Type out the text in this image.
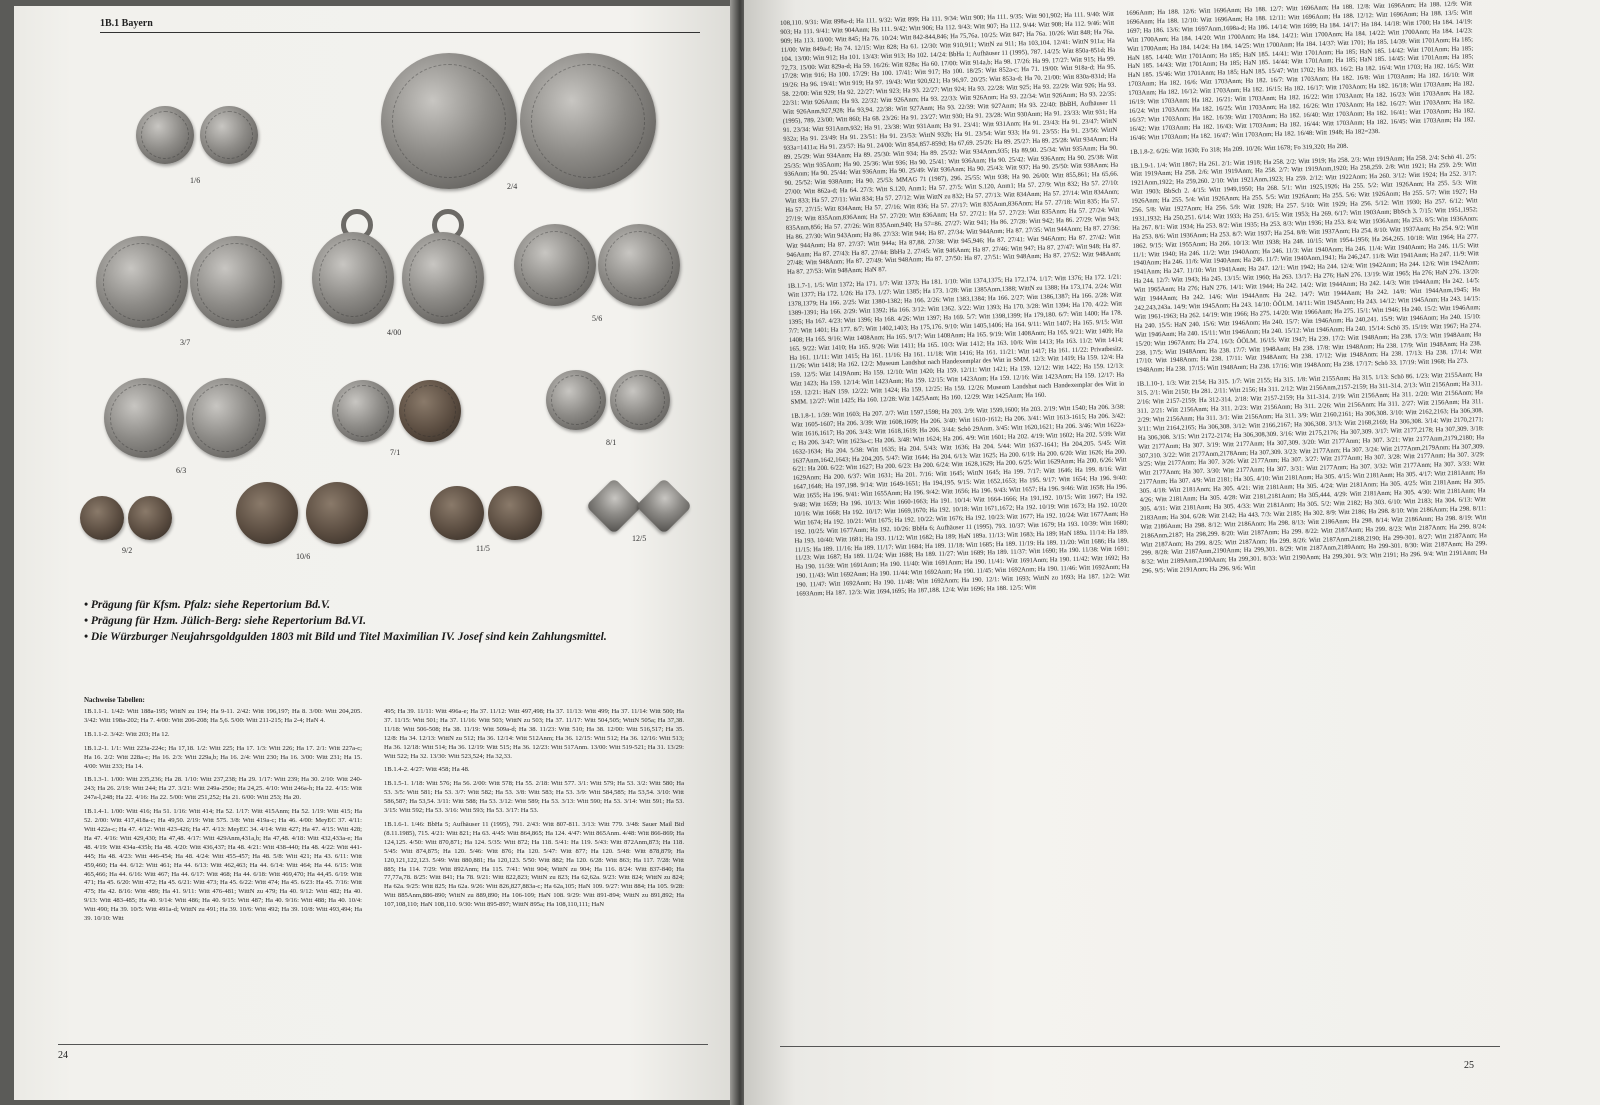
1B.1 Bayern
1/6
2/4
3/7
4/00
5/6
6/3
7/1
8/1
9/2
10/6
11/5
12/5
• Prägung für Kfsm. Pfalz: siehe Repertorium Bd.V.
• Prägung für Hzm. Jülich-Berg: siehe Repertorium Bd.VI.
• Die Würzburger Neujahrsgoldgulden 1803 mit Bild und Titel Maximilian IV. Josef sind kein Zahlungsmittel.
Nachweise Tabellen:

1B.1.1-1. 1/42: Witt 188a-195; WittN zu 194; Ha 9-11. 2/42: Witt 196,197; Ha 8. 3/00: Witt 204,205. 3/42: Witt 198a-202; Ha 7. 4/00: Witt 206-208; Ha 5,6. 5/00: Witt 211-215; Ha 2-4; HaN 4.

1B.1.1-2. 3/42: Witt 203; Ha 12.

1B.1.2-1. 1/1: Witt 223a-224c; Ha 17,18. 1/2: Witt 225; Ha 17. 1/3: Witt 226; Ha 17. 2/1: Witt 227a-c; Ha 16. 2/2: Witt 228a-c; Ha 16. 2/3: Witt 229a,b; Ha 16. 2/4: Witt 230; Ha 16. 3/00: Witt 231; Ha 15. 4/00: Witt 233; Ha 14.

1B.1.3-1. 1/00: Witt 235,236; Ha 28. 1/10: Witt 237,238; Ha 29. 1/17: Witt 239; Ha 30. 2/10: Witt 240-243; Ha 26. 2/19: Witt 244; Ha 27. 3/21: Witt 249a-250e; Ha 24,25. 4/10: Witt 246a-h; Ha 22. 4/15: Witt 247a-l,248; Ha 22. 4/16: Ha 22. 5/00: Witt 251,252; Ha 21. 6/00: Witt 253; Ha 20.

1B.1.4-1. 1/00: Witt 416; Ha 51. 1/16: Witt 414; Ha 52. 1/17: Witt 415Anm; Ha 52. 1/19: Witt 415; Ha 52. 2/00: Witt 417,418a-c; Ha 49,50. 2/19: Witt 575. 3/8: Witt 419a-c; Ha 46. 4/00: MeyEC 37. 4/11: Witt 422a-c; Ha 47. 4/12: Witt 423-426; Ha 47. 4/13: MeyEC 34. 4/14: Witt 427; Ha 47. 4/15: Witt 428; Ha 47. 4/16: Witt 429,430; Ha 47,48. 4/17: Witt 429Anm,431a,b; Ha 47,48. 4/18: Witt 432,433a-e; Ha 48. 4/19: Witt 434a-435b; Ha 48. 4/20: Witt 436,437; Ha 48. 4/21: Witt 438-440; Ha 48. 4/22: Witt 441-445; Ha 48. 4/23: Witt 446-454; Ha 48. 4/24: Witt 455-457; Ha 48. 5/8: Witt 421; Ha 43. 6/11: Witt 459,460; Ha 44. 6/12: Witt 461; Ha 44. 6/13: Witt 462,463; Ha 44. 6/14: Witt 464; Ha 44. 6/15: Witt 465,466; Ha 44. 6/16: Witt 467; Ha 44. 6/17: Witt 468; Ha 44. 6/18: Witt 469,470; Ha 44,45. 6/19: Witt 471; Ha 45. 6/20: Witt 472; Ha 45. 6/21: Witt 473; Ha 45. 6/22: Witt 474; Ha 45. 6/23: Ha 45. 7/16: Witt 475; Ha 42. 8/16: Witt 489; Ha 41. 9/11: Witt 476-481; WittN zu 479; Ha 40. 9/12: Witt 482; Ha 40. 9/13: Witt 483-485; Ha 40. 9/14: Witt 486; Ha 40. 9/15: Witt 487; Ha 40. 9/16: Witt 488; Ha 40. 10/4: Witt 490; Ha 39. 10/5: Witt 491a-d; WittN zu 491; Ha 39. 10/6: Witt 492; Ha 39. 10/8: Witt 493,494; Ha 39. 10/10: Witt

495; Ha 39. 11/11: Witt 496a-e; Ha 37. 11/12: Witt 497,498; Ha 37. 11/13: Witt 499; Ha 37. 11/14: Witt 500; Ha 37. 11/15: Witt 501; Ha 37. 11/16: Witt 503; WittN zu 503; Ha 37. 11/17: Witt 504,505; WittN 505a; Ha 37,38. 11/18: Witt 506-508; Ha 38. 11/19: Witt 509a-d; Ha 38. 11/23: Witt 510; Ha 38. 12/00: Witt 516,517; Ha 35. 12/8: Ha 34. 12/13: WittN zu 512; Ha 36. 12/14: Witt 512Anm; Ha 36. 12/15: Witt 512; Ha 36. 12/16: Witt 513; Ha 36. 12/18: Witt 514; Ha 36. 12/19: Witt 515; Ha 36. 12/23: Witt 517Anm. 13/00: Witt 519-521; Ha 31. 13/29: Witt 522; Ha 32. 13/30: Witt 523,524; Ha 32,33.

1B.1.4-2. 4/27: Witt 458; Ha 48.

1B.1.5-1. 1/18: Witt 576; Ha 56. 2/00: Witt 578; Ha 55. 2/18: Witt 577. 3/1: Witt 579; Ha 53. 3/2: Witt 580; Ha 53. 3/5: Witt 581; Ha 53. 3/7: Witt 582; Ha 53. 3/8: Witt 583; Ha 53. 3/9: Witt 584,585; Ha 53,54. 3/10: Witt 586,587; Ha 53,54. 3/11: Witt 588; Ha 53. 3/12: Witt 589; Ha 53. 3/13: Witt 590; Ha 53. 3/14: Witt 591; Ha 53. 3/15: Witt 592; Ha 53. 3/16: Witt 593; Ha 53. 3/17: Ha 53.

1B.1.6-1. 1/46: BbHa 5; Aufhäuser 11 (1995), 791. 2/43: Witt 807-811. 3/13: Witt 779. 3/48: Sauer Mail Bid (8.11.1985), 715. 4/21: Witt 821; Ha 63. 4/45: Witt 864,865; Ha 124. 4/47: Witt 865Anm. 4/48: Witt 866-869; Ha 124,125. 4/50: Witt 870,871; Ha 124. 5/35: Witt 872; Ha 118. 5/41: Ha 119. 5/43: Witt 872Anm,873; Ha 118. 5/45: Witt 874,875; Ha 120. 5/46: Witt 876; Ha 120. 5/47: Witt 877; Ha 120. 5/48: Witt 878,879; Ha 120,121,122,123. 5/49: Witt 880,881; Ha 120,123. 5/50: Witt 882; Ha 120. 6/28: Witt 863; Ha 117. 7/28: Witt 885; Ha 114. 7/29: Witt 892Anm; Ha 115. 7/41: Witt 904; WittN zu 904; Ha 116. 8/24: Witt 837-840; Ha 77,77a,78. 8/25: Witt 841; Ha 78. 9/21: Witt 822,823; WittN zu 823; Ha 62,62a. 9/23: Witt 824; WittN zu 824; Ha 62a. 9/25: Witt 825; Ha 62a. 9/26: Witt 826,827,883a-c; Ha 62a,105; HaN 109. 9/27: Witt 884; Ha 105. 9/28: Witt 885Anm,886-890; WittN zu 889,890; Ha 106-109; HaN 108. 9/29: Witt 891-894; WittN zu 891,892; Ha 107,108,110; HaN 108,110. 9/30: Witt 895-897; WittN 895a; Ha 108,110,111; HaN

24

108,110. 9/31: Witt 898a-d; Ha 111. 9/32: Witt 899; Ha 111. 9/34: Witt 900; Ha 111. 9/35: Witt 901,902; Ha 111. 9/40: Witt 903; Ha 111. 9/41: Witt 904Anm; Ha 111. 9/42: Witt 906; Ha 112. 9/43: Witt 907; Ha 112. 9/44: Witt 908; Ha 112. 9/46: Witt 909; Ha 113. 10/00: Witt 845; Ha 76. 10/24: Witt 842-844,846; Ha 75,76a. 10/25: Witt 847; Ha 76a. 10/26: Witt 848; Ha 76a. 11/00: Witt 849a-f; Ha 74. 12/15: Witt 828; Ha 61. 12/30: Witt 910,911; WittN zu 911; Ha 103,104. 12/41: WittN 911a; Ha 104. 13/00: Witt 912; Ha 101. 13/43: Witt 913; Ha 102. 14/24: BbHa 1; Aufhäuser 11 (1995), 787. 14/25: Witt 850a-851d; Ha 72,73. 15/00: Witt 829a-d; Ha 59. 16/26: Witt 828a; Ha 60. 17/00: Witt 914a,b; Ha 98. 17/26: Ha 99. 17/27: Witt 915; Ha 99. 17/28: Witt 916; Ha 100. 17/29: Ha 100. 17/41: Witt 917; Ha 100. 18/25: Witt 852a-c; Ha 71. 19/00: Witt 918a-d; Ha 95. 19/26: Ha 96. 19/41: Witt 919; Ha 97. 19/43: Witt 920,921; Ha 96,97. 20/25: Witt 853a-d; Ha 70. 21/00: Witt 830a-831d; Ha 58. 22/00: Witt 929; Ha 92. 22/27: Witt 923; Ha 93. 22/27: Witt 924; Ha 93. 22/28: Witt 925; Ha 93. 22/29: Witt 926; Ha 93. 22/31: Witt 926Anm; Ha 93. 22/32: Witt 926Anm; Ha 93. 22/33: Witt 926Anm; Ha 93. 22/34: Witt 926Anm; Ha 93. 22/35: Witt 926Anm,927,928; Ha 93,94. 22/38: Witt 927Anm; Ha 93. 22/39: Witt 927Anm; Ha 93. 22/40: BbBH, Aufhäuser 11 (1995), 789. 23/00: Witt 860; Ha 68. 23/26: Ha 91. 23/27: Witt 930; Ha 91. 23/28: Witt 930Anm; Ha 91. 23/33: Witt 931; Ha 91. 23/34: Witt 931Anm,932; Ha 91. 23/38: Witt 931Anm; Ha 91. 23/41: Witt 931Anm; Ha 91. 23/43: Ha 91. 23/47: WittN 932a; Ha 91. 23/49: Ha 91. 23/51: Ha 91. 23/53: WittN 932b; Ha 91. 23/54: Witt 933; Ha 91. 23/55: Ha 91. 23/56: WittN 933a=1411a; Ha 91. 23/57: Ha 91. 24/00: Witt 854,857-859d; Ha 67,69. 25/26: Ha 89. 25/27: Ha 89. 25/28: Witt 934Anm; Ha 89. 25/29: Witt 934Anm; Ha 89. 25/30: Witt 934; Ha 89. 25/32: Witt 934Anm,935; Ha 89,90. 25/34: Witt 935Anm; Ha 90. 25/35: Witt 935Anm; Ha 90. 25/36: Witt 936; Ha 90. 25/41: Witt 936Anm; Ha 90. 25/42: Witt 936Anm; Ha 90. 25/38: Witt 936Anm; Ha 90. 25/44: Witt 936Anm; Ha 90. 25/49: Witt 936Anm; Ha 90. 25/43: Witt 937; Ha 90. 25/50: Witt 938Anm; Ha 90. 25/52: Witt 938Anm; Ha 90. 25/53: MMAG 71 (1987), 296. 25/55: Witt 938; Ha 90. 26/00: Witt 855,861; Ha 65,66. 27/00: Witt 862a-d; Ha 64. 27/3: Witt S.120, Anm1; Ha 57. 27/5: Witt S.120, Anm1; Ha 57. 27/9: Witt 832; Ha 57. 27/10: Witt 833; Ha 57. 27/11: Witt 834; Ha 57. 27/12: Witt WittN zu 832; Ha 57. 27/13: Witt 834Anm; Ha 57. 27/14: Witt 834Anm; Ha 57. 27/15: Witt 834Anm; Ha 57. 27/16: Witt 836; Ha 57. 27/17: Witt 835Anm,836Anm; Ha 57. 27/18: Witt 835; Ha 57. 27/19: Witt 835Anm,836Anm; Ha 57. 27/20: Witt 836Anm; Ha 57. 27/21: Ha 57. 27/23: Witt 835Anm; Ha 57. 27/24: Witt 835Anm,856; Ha 57. 27/26: Witt 835Anm,940; Ha 57=86. 27/27: Witt 941; Ha 86. 27/28: Witt 942; Ha 86. 27/29: Witt 943; Ha 86. 27/30: Witt 943Anm; Ha 86. 27/33: Witt 944; Ha 87. 27/34: Witt 944Anm; Ha 87. 27/35: Witt 944Anm; Ha 87. 27/36: Witt 944Anm; Ha 87. 27/37: Witt 944a; Ha 87,88. 27/38: Witt 945,946; Ha 87. 27/41: Witt 946Anm; Ha 87. 27/42: Witt 946Anm; Ha 87. 27/43: Ha 87. 27/44: BbHa 2. 27/45: Witt 946Anm; Ha 87. 27/46: Witt 947; Ha 87. 27/47: Witt 948; Ha 87. 27/48: Witt 948Anm; Ha 87. 27/49: Witt 948Anm; Ha 87. 27/50: Ha 87. 27/51: Witt 948Anm; Ha 87. 27/52: Witt 948Anm; Ha 87. 27/53: Witt 948Anm; HaN 87.

1B.1.7-1. 1/5: Witt 1372; Ha 171. 1/7: Witt 1373; Ha 181. 1/10: Witt 1374,1375; Ha 172,174. 1/17: Witt 1376; Ha 172. 1/21: Witt 1377; Ha 172. 1/26: Ha 173. 1/27: Witt 1385; Ha 173. 1/28: Witt 1385Anm,1388; WittN zu 1388; Ha 173,174. 2/24: Witt 1378,1379; Ha 166. 2/25: Witt 1380-1382; Ha 166. 2/26: Witt 1383,1384; Ha 166. 2/27: Witt 1386,1387; Ha 166. 2/28: Witt 1389-1391; Ha 166. 2/29: Witt 1392; Ha 166. 3/12: Witt 1362. 3/22: Witt 1393; Ha 170. 3/28: Witt 1394; Ha 170. 4/22: Witt 1395; Ha 167. 4/23: Witt 1396; Ha 168. 4/26: Witt 1397; Ha 169. 5/7: Witt 1398,1399; Ha 179,180. 6/7: Witt 1400; Ha 178. 7/7: Witt 1401; Ha 177. 8/7: Witt 1402,1403; Ha 175,176. 9/10: Witt 1405,1406; Ha 164. 9/11: Witt 1407; Ha 165. 9/15: Witt 1408; Ha 165. 9/16: Witt 1408Anm; Ha 165. 9/17: Witt 1408Anm; Ha 165. 9/19: Witt 1408Anm; Ha 165. 9/21: Witt 1409; Ha 165. 9/22: Witt 1410; Ha 165. 9/26: Witt 1411; Ha 165. 10/3: Witt 1412; Ha 163. 10/6: Witt 1413; Ha 163. 11/2: Witt 1414; Ha 161. 11/11: Witt 1415; Ha 161. 11/16: Ha 161. 11/18: Witt 1416; Ha 161. 11/21: Witt 1417; Ha 161. 11/22: Privatbesitz. 11/26: Witt 1418; Ha 162. 12/2: Museum Landshut nach Handexemplar des Witt in SMM. 12/3: Witt 1419; Ha 159. 12/4: Ha 159. 12/5: Witt 1419Anm; Ha 159. 12/10: Witt 1420; Ha 159. 12/11: Witt 1421; Ha 159. 12/12: Witt 1422; Ha 159. 12/13: Witt 1423; Ha 159. 12/14: Witt 1423Anm; Ha 159. 12/15: Witt 1423Anm; Ha 159. 12/16: Witt 1423Anm; Ha 159. 12/17: Ha 159. 12/21: HaN 159. 12/22: Witt 1424; Ha 159. 12/25: Ha 159. 12/26: Museum Landshut nach Handexemplar des Witt in SMM. 12/27: Witt 1425; Ha 160. 12/28: Witt 1425Anm; Ha 160. 12/29: Witt 1425Anm; Ha 160.

1B.1.8-1. 1/39: Witt 1603; Ha 207. 2/7: Witt 1597,1598; Ha 203. 2/9: Witt 1599,1600; Ha 203. 2/19: Witt 1540; Ha 206. 3/38: Witt 1605-1607; Ha 206. 3/39: Witt 1608,1609; Ha 206. 3/40: Witt 1610-1612; Ha 206. 3/41: Witt 1613-1615; Ha 206. 3/42: Witt 1616,1617; Ha 206. 3/43: Witt 1618,1619; Ha 206. 3/44: Schö 29Anm. 3/45: Witt 1620,1621; Ha 206. 3/46: Witt 1622a-c; Ha 206. 3/47: Witt 1623a-c; Ha 206. 3/48: Witt 1624; Ha 206. 4/9: Witt 1601; Ha 202. 4/19: Witt 1602; Ha 202. 5/39: Witt 1632-1634; Ha 204. 5/38: Witt 1635; Ha 204. 5/43: Witt 1636; Ha 204. 5/44: Witt 1637-1641; Ha 204,205. 5/45: Witt 1637Anm,1642,1643; Ha 204,205. 5/47: Witt 1644; Ha 204. 6/13: Witt 1625; Ha 200. 6/19: Ha 200. 6/20: Witt 1626; Ha 200. 6/21: Ha 200. 6/22: Witt 1627; Ha 200. 6/23: Ha 200. 6/24: Witt 1628,1629; Ha 200. 6/25: Witt 1629Anm; Ha 200. 6/26: Witt 1629Anm; Ha 200. 6/37: Witt 1631; Ha 201. 7/16: Witt 1645; WittN 1645; Ha 199. 7/17: Witt 1646; Ha 199. 8/16: Witt 1647,1648; Ha 197,198. 9/14: Witt 1649-1651; Ha 194,195. 9/15: Witt 1652,1653; Ha 195. 9/17: Witt 1654; Ha 196. 9/40: Witt 1655; Ha 196. 9/41: Witt 1655Anm; Ha 196. 9/42: Witt 1656; Ha 196. 9/43: Witt 1657; Ha 196. 9/46: Witt 1658; Ha 196. 9/48: Witt 1659; Ha 196. 10/13: Witt 1660-1663; Ha 191. 10/14: Witt 1664-1666; Ha 191,192. 10/15: Witt 1667; Ha 192. 10/16: Witt 1668; Ha 192. 10/17: Witt 1669,1670; Ha 192. 10/18: Witt 1671,1672; Ha 192. 10/19: Witt 1673; Ha 192. 10/20: Witt 1674; Ha 192. 10/21: Witt 1675; Ha 192. 10/22: Witt 1676; Ha 192. 10/23: Witt 1677; Ha 192. 10/24: Witt 1677Anm; Ha 192. 10/25: Witt 1677Anm; Ha 192. 10/26: BbHa 6; Aufhäuser 11 (1995), 793. 10/37: Witt 1679; Ha 193. 10/39: Witt 1680; Ha 193. 10/40: Witt 1681; Ha 193. 11/12: Witt 1682; Ha 189; HaN 189a. 11/13: Witt 1683; Ha 189; HaN 189a. 11/14: Ha 189. 11/15: Ha 189. 11/16: Ha 189. 11/17: Witt 1684; Ha 189. 11/18: Witt 1685; Ha 189. 11/19: Ha 189. 11/20: Witt 1686; Ha 189. 11/23: Witt 1687; Ha 189. 11/24: Witt 1688; Ha 189. 11/27: Witt 1689; Ha 189. 11/37: Witt 1690; Ha 190. 11/38: Witt 1691; Ha 190. 11/39: Witt 1691Anm; Ha 190. 11/40: Witt 1691Anm; Ha 190. 11/41: Witt 1691Anm; Ha 190. 11/42: Witt 1692; Ha 190. 11/43: Witt 1692Anm; Ha 190. 11/44: Witt 1692Anm; Ha 190. 11/45: Witt 1692Anm; Ha 190. 11/46: Witt 1692Anm; Ha 190. 11/47: Witt 1692Anm; Ha 190. 11/48: Witt 1692Anm; Ha 190. 12/1: Witt 1693; WittN zu 1693; Ha 187. 12/2: Witt 1693Anm; Ha 187. 12/3: Witt 1694,1695; Ha 187,188. 12/4: Witt 1696; Ha 188. 12/5: Witt

1696Anm; Ha 188. 12/6: Witt 1696Anm; Ha 188. 12/7: Witt 1696Anm; Ha 188. 12/8: Witt 1696Anm; Ha 188. 12/9: Witt 1696Anm; Ha 188. 12/10: Witt 1696Anm; Ha 188. 12/11: Witt 1696Anm; Ha 188. 12/12: Witt 1696Anm; Ha 188. 13/5: Witt 1697; Ha 186. 13/6: Witt 1697Anm,1698a-d; Ha 186. 14/14: Witt 1699; Ha 184. 14/17: Ha 184. 14/18: Witt 1700; Ha 184. 14/19: Witt 1700Anm; Ha 184. 14/20: Witt 1700Anm; Ha 184. 14/21: Witt 1700Anm; Ha 184. 14/22: Witt 1700Anm; Ha 184. 14/23: Witt 1700Anm; Ha 184. 14/24: Ha 184. 14/25: Witt 1700Anm; Ha 184. 14/37: Witt 1701; Ha 185. 14/39: Witt 1701Anm; Ha 185; HaN 185. 14/40: Witt 1701Anm; Ha 185; HaN 185. 14/41: Witt 1701Anm; Ha 185; HaN 185. 14/42: Witt 1701Anm; Ha 185; HaN 185. 14/43: Witt 1701Anm; Ha 185; HaN 185. 14/44: Witt 1701Anm; Ha 185; HaN 185. 14/45: Witt 1701Anm; Ha 185; HaN 185. 15/46: Witt 1701Anm; Ha 185; HaN 185. 15/47: Witt 1702; Ha 183. 16/2: Ha 182. 16/4: Witt 1703; Ha 182. 16/5: Witt 1703Anm; Ha 182. 16/6: Witt 1703Anm; Ha 182. 16/7: Witt 1703Anm; Ha 182. 16/8: Witt 1703Anm; Ha 182. 16/10: Witt 1703Anm; Ha 182. 16/12: Witt 1703Anm; Ha 182. 16/15: Ha 182. 16/17: Witt 1703Anm; Ha 182. 16/18: Witt 1703Anm; Ha 182. 16/19: Witt 1703Anm; Ha 182. 16/21: Witt 1703Anm; Ha 182. 16/22: Witt 1703Anm; Ha 182. 16/23: Witt 1703Anm; Ha 182. 16/24: Witt 1703Anm; Ha 182. 16/25: Witt 1703Anm; Ha 182. 16/26: Witt 1703Anm; Ha 182. 16/27: Witt 1703Anm; Ha 182. 16/37: Witt 1703Anm; Ha 182. 16/39: Witt 1703Anm; Ha 182. 16/40: Witt 1703Anm; Ha 182. 16/41: Witt 1703Anm; Ha 182. 16/42: Witt 1703Anm; Ha 182. 16/43: Witt 1703Anm; Ha 182. 16/44: Witt 1703Anm; Ha 182. 16/45: Witt 1703Anm; Ha 182. 16/46: Witt 1703Anm; Ha 182. 16/47: Witt 1703Anm; Ha 182. 16/48: Witt 1948; Ha 182=238.

1B.1.8-2. 6/26: Witt 1630; Fo 318; Ha 209. 10/26: Witt 1678; Fo 319,320; Ha 208.

1B.1.9-1. 1/4: Witt 1867; Ha 261. 2/1: Witt 1918; Ha 258. 2/2: Witt 1919; Ha 258. 2/3: Witt 1919Anm; Ha 258. 2/4: Schö 41. 2/5: Witt 1919Anm; Ha 258. 2/6: Witt 1919Anm; Ha 258. 2/7: Witt 1919Anm,1920; Ha 258,259. 2/8: Witt 1921; Ha 259. 2/9: Witt 1921Anm,1922; Ha 259,260. 2/10: Witt 1921Anm,1923; Ha 259. 2/12: Witt 1922Anm; Ha 260. 3/12: Witt 1924; Ha 252. 3/17: Witt 1903; BbSch 2. 4/15: Witt 1949,1950; Ha 268. 5/1: Witt 1925,1926; Ha 255. 5/2: Witt 1926Anm; Ha 255. 5/3: Witt 1926Anm; Ha 255. 5/4: Witt 1926Anm; Ha 255. 5/5: Witt 1926Anm; Ha 255. 5/6: Witt 1926Anm; Ha 255. 5/7: Witt 1927; Ha 256. 5/8: Witt 1927Anm; Ha 256. 5/9: Witt 1928; Ha 257. 5/10: Witt 1929; Ha 256. 5/12: Witt 1930; Ha 257. 6/12: Witt 1931,1932; Ha 250,251. 6/14: Witt 1933; Ha 251. 6/15: Witt 1953; Ha 269. 6/17: Witt 1903Anm; BbSch 3. 7/15: Witt 1951,1952; Ha 267. 8/1: Witt 1934; Ha 253. 8/2: Witt 1935; Ha 253. 8/3: Witt 1936; Ha 253. 8/4: Witt 1936Anm; Ha 253. 8/5: Witt 1936Anm; Ha 253. 8/6: Witt 1936Anm; Ha 253. 8/7: Witt 1937; Ha 254. 8/8: Witt 1937Anm; Ha 254. 8/10: Witt 1937Anm; Ha 254. 9/2: Witt 1862. 9/15: Witt 1955Anm; Ha 266. 10/13: Witt 1938; Ha 248. 10/15: Witt 1954-1956; Ha 264,265. 10/18: Witt 1964; Ha 277. 11/1: Witt 1940; Ha 246. 11/2: Witt 1940Anm; Ha 246. 11/3: Witt 1940Anm; Ha 246. 11/4: Witt 1940Anm; Ha 246. 11/5: Witt 1940Anm; Ha 246. 11/6: Witt 1940Anm; Ha 246. 11/7: Witt 1940Anm,1941; Ha 246,247. 11/8: Witt 1941Anm; Ha 247. 11/9: Witt 1941Anm; Ha 247. 11/10: Witt 1941Anm; Ha 247. 12/1: Witt 1942; Ha 244. 12/4: Witt 1942Anm; Ha 244. 12/6: Witt 1942Anm; Ha 244. 12/7: Witt 1943; Ha 245. 13/15: Witt 1960; Ha 263. 13/17: Ha 276; HaN 276. 13/19: Witt 1965; Ha 276; HaN 276. 13/20: Witt 1965Anm; Ha 276; HaN 276. 14/1: Witt 1944; Ha 242. 14/2: Witt 1944Anm; Ha 242. 14/3: Witt 1944Anm; Ha 242. 14/5: Witt 1944Anm; Ha 242. 14/6: Witt 1944Anm; Ha 242. 14/7: Witt 1944Anm; Ha 242. 14/8: Witt 1944Anm,1945; Ha 242,243,243a. 14/9: Witt 1945Anm; Ha 243. 14/10: ÖÖLM. 14/11: Witt 1945Anm; Ha 243. 14/12: Witt 1945Anm; Ha 243. 14/15: Witt 1961-1963; Ha 262. 14/19: Witt 1966; Ha 275. 14/20: Witt 1966Anm; Ha 275. 15/1: Witt 1946; Ha 240. 15/2: Witt 1946Anm; Ha 240. 15/5: HaN 240. 15/6: Witt 1946Anm; Ha 240. 15/7: Witt 1946Anm; Ha 240,241. 15/9: Witt 1946Anm; Ha 240. 15/10: Witt 1946Anm; Ha 240. 15/11: Witt 1946Anm; Ha 240. 15/12: Witt 1946Anm; Ha 240. 15/14: Schö 35. 15/19: Witt 1967; Ha 274. 15/20: Witt 1967Anm; Ha 274. 16/3: ÖÖLM. 16/15: Witt 1947; Ha 239. 17/2: Witt 1948Anm; Ha 238. 17/3: Witt 1948Anm; Ha 238. 17/5: Witt 1948Anm; Ha 238. 17/7: Witt 1948Anm; Ha 238. 17/8: Witt 1948Anm; Ha 238. 17/9: Witt 1948Anm; Ha 238. 17/10: Witt 1948Anm; Ha 238. 17/11: Witt 1948Anm; Ha 238. 17/12: Witt 1948Anm; Ha 238. 17/13: Ha 238. 17/14: Witt 1948Anm; Ha 238. 17/15: Witt 1948Anm; Ha 238. 17/16: Witt 1948Anm; Ha 238. 17/17: Schö 33. 17/19: Witt 1968; Ha 273.

1B.1.10-1. 1/3: Witt 2154; Ha 315. 1/7: Witt 2155; Ha 315. 1/8: Witt 2155Anm; Ha 315. 1/13: Schö 86. 1/23: Witt 2155Anm; Ha 315. 2/1: Witt 2150; Ha 281. 2/11: Witt 2156; Ha 311. 2/12: Witt 2156Anm,2157-2159; Ha 311-314. 2/13: Witt 2156Anm; Ha 311. 2/16: Witt 2157-2159; Ha 312-314. 2/18: Witt 2157-2159; Ha 311-314. 2/19: Witt 2156Anm; Ha 311. 2/20: Witt 2156Anm; Ha 311. 2/21: Witt 2156Anm; Ha 311. 2/23: Witt 2156Anm; Ha 311. 2/26: Witt 2156Anm; Ha 311. 2/27: Witt 2156Anm; Ha 311. 2/29: Witt 2156Anm; Ha 311. 3/1: Witt 2156Anm; Ha 311. 3/9: Witt 2160,2161; Ha 306,308. 3/10: Witt 2162,2163; Ha 306,308. 3/11: Witt 2164,2165; Ha 306,308. 3/12: Witt 2166,2167; Ha 306,308. 3/13: Witt 2168,2169; Ha 306,308. 3/14: Witt 2170,2171; Ha 306,308. 3/15: Witt 2172-2174; Ha 306,308,309. 3/16: Witt 2175,2176; Ha 307,309. 3/17: Witt 2177,2178; Ha 307,309. 3/18: Witt 2177Anm; Ha 307. 3/19: Witt 2177Anm; Ha 307,309. 3/20: Witt 2177Anm; Ha 307. 3/21: Witt 2177Anm,2179,2180; Ha 307,310. 3/22: Witt 2177Anm,2178Anm; Ha 307,309. 3/23: Witt 2177Anm; Ha 307. 3/24: Witt 2177Anm,2179Anm; Ha 307,309. 3/25: Witt 2177Anm; Ha 307. 3/26: Witt 2177Anm; Ha 307. 3/27: Witt 2177Anm; Ha 307. 3/28: Witt 2177Anm; Ha 307. 3/29: Witt 2177Anm; Ha 307. 3/30: Witt 2177Anm; Ha 307. 3/31: Witt 2177Anm; Ha 307. 3/32: Witt 2177Anm; Ha 307. 3/33: Witt 2177Anm; Ha 307. 4/9: Witt 2181; Ha 305. 4/10: Witt 2181Anm; Ha 305. 4/15: Witt 2181Anm; Ha 305. 4/17: Witt 2181Anm; Ha 305. 4/18: Witt 2181Anm; Ha 305. 4/21: Witt 2181Anm; Ha 305. 4/24: Witt 2181Anm; Ha 305. 4/25: Witt 2181Anm; Ha 305. 4/26: Witt 2181Anm; Ha 305. 4/28: Witt 2181,2181Anm; Ha 305,444. 4/29: Witt 2181Anm; Ha 305. 4/30: Witt 2181Anm; Ha 305. 4/31: Witt 2181Anm; Ha 305. 4/33: Witt 2181Anm; Ha 305. 5/2: Witt 2182; Ha 303. 6/10: Witt 2183; Ha 304. 6/13: Witt 2183Anm; Ha 304. 6/28: Witt 2142; Ha 443. 7/3: Witt 2185; Ha 302. 8/9: Witt 2186; Ha 298. 8/10: Witt 2186Anm; Ha 298. 8/11: Witt 2186Anm; Ha 298. 8/12: Witt 2186Anm; Ha 298. 8/13: Witt 2186Anm; Ha 298. 8/14: Witt 2186Anm; Ha 298. 8/19: Witt 2186Anm,2187; Ha 298,299. 8/20: Witt 2187Anm; Ha 299. 8/22: Witt 2187Anm; Ha 299. 8/23: Witt 2187Anm; Ha 299. 8/24: Witt 2187Anm; Ha 299. 8/25: Witt 2187Anm; Ha 299. 8/26: Witt 2187Anm,2188,2190; Ha 299-301. 8/27: Witt 2187Anm; Ha 299. 8/28: Witt 2187Anm,2190Anm; Ha 299,301. 8/29: Witt 2187Anm,2189Anm; Ha 299-301. 8/30: Witt 2187Anm; Ha 299. 8/32: Witt 2189Anm,2190Anm; Ha 299,301. 8/33: Witt 2190Anm; Ha 299,301. 9/3: Witt 2191; Ha 296. 9/4: Witt 2191Anm; Ha 296. 9/5: Witt 2191Anm; Ha 296. 9/6: Witt

25
